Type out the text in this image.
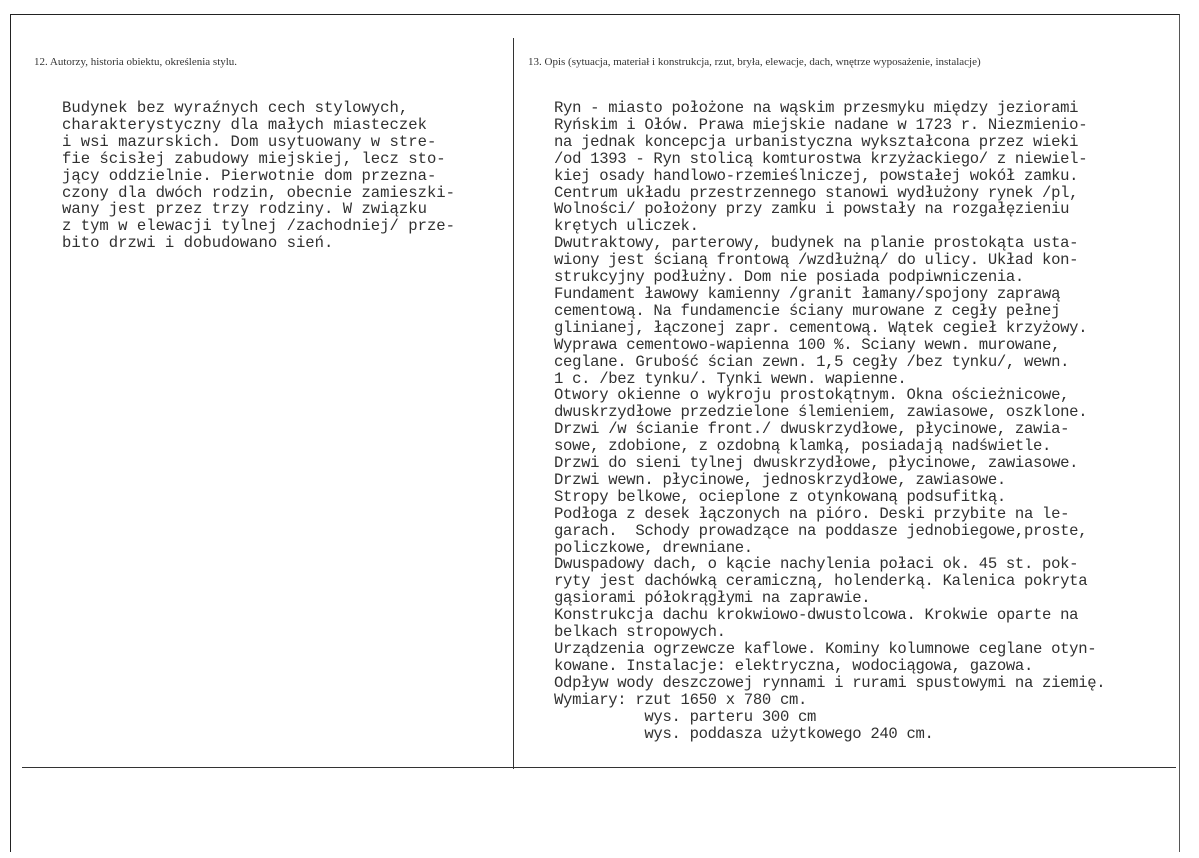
12. Autorzy, historia obiektu, określenia stylu.	13. Opis (sytuacja, materiał i konstrukcja, rzut, bryła, elewacje, dach, wnętrze wyposażenie, instalacje)
Budynek bez wyraźnych cech stylowych,
charakterystyczny dla małych miasteczek
i wsi mazurskich. Dom usytuowany w stre-
fie ścisłej zabudowy miejskiej, lecz sto-
jący oddzielnie. Pierwotnie dom przezna-
czony dla dwóch rodzin, obecnie zamieszki-
wany jest przez trzy rodziny. W związku
z tym w elewacji tylnej /zachodniej/ prze-
bito drzwi i dobudowano sień.
Ryn - miasto położone na wąskim przesmyku między jeziorami
Ryńskim i Ołów. Prawa miejskie nadane w 1723 r. Niezmienio-
na jednak koncepcja urbanistyczna wykształcona przez wieki
/od 1393 - Ryn stolicą komturostwa krzyżackiego/ z niewiel-
kiej osady handlowo-rzemieślniczej, powstałej wokół zamku.
Centrum układu przestrzennego stanowi wydłużony rynek /pl,
Wolności/ położony przy zamku i powstały na rozgałęzieniu
krętych uliczek.
Dwutraktowy, parterowy, budynek na planie prostokąta usta-
wiony jest ścianą frontową /wzdłużną/ do ulicy. Układ kon-
strukcyjny podłużny. Dom nie posiada podpiwniczenia.
Fundament ławowy kamienny /granit łamany/spojony zaprawą
cementową. Na fundamencie ściany murowane z cegły pełnej
glinianej, łączonej zapr. cementową. Wątek cegieł krzyżowy.
Wyprawa cementowo-wapienna 100 %. Sciany wewn. murowane,
ceglane. Grubość ścian zewn. 1,5 cegły /bez tynku/, wewn.
1 c. /bez tynku/. Tynki wewn. wapienne.
Otwory okienne o wykroju prostokątnym. Okna ościeżnicowe,
dwuskrzydłowe przedzielone ślemieniem, zawiasowe, oszklone.
Drzwi /w ścianie front./ dwuskrzydłowe, płycinowe, zawia-
sowe, zdobione, z ozdobną klamką, posiadają nadświetle.
Drzwi do sieni tylnej dwuskrzydłowe, płycinowe, zawiasowe.
Drzwi wewn. płycinowe, jednoskrzydłowe, zawiasowe.
Stropy belkowe, ocieplone z otynkowaną podsufitką.
Podłoga z desek łączonych na pióro. Deski przybite na le-
garach.  Schody prowadzące na poddasze jednobiegowe,proste,
policzkowe, drewniane.
Dwuspadowy dach, o kącie nachylenia połaci ok. 45 st. pok-
ryty jest dachówką ceramiczną, holenderką. Kalenica pokryta
gąsiorami półokrągłymi na zaprawie.
Konstrukcja dachu krokwiowo-dwustolcowa. Krokwie oparte na
belkach stropowych.
Urządzenia ogrzewcze kaflowe. Kominy kolumnowe ceglane otyn-
kowane. Instalacje: elektryczna, wodociągowa, gazowa.
Odpływ wody deszczowej rynnami i rurami spustowymi na ziemię.
Wymiary: rzut 1650 x 780 cm.
wys. parteru 300 cm
wys. poddasza użytkowego 240 cm.
